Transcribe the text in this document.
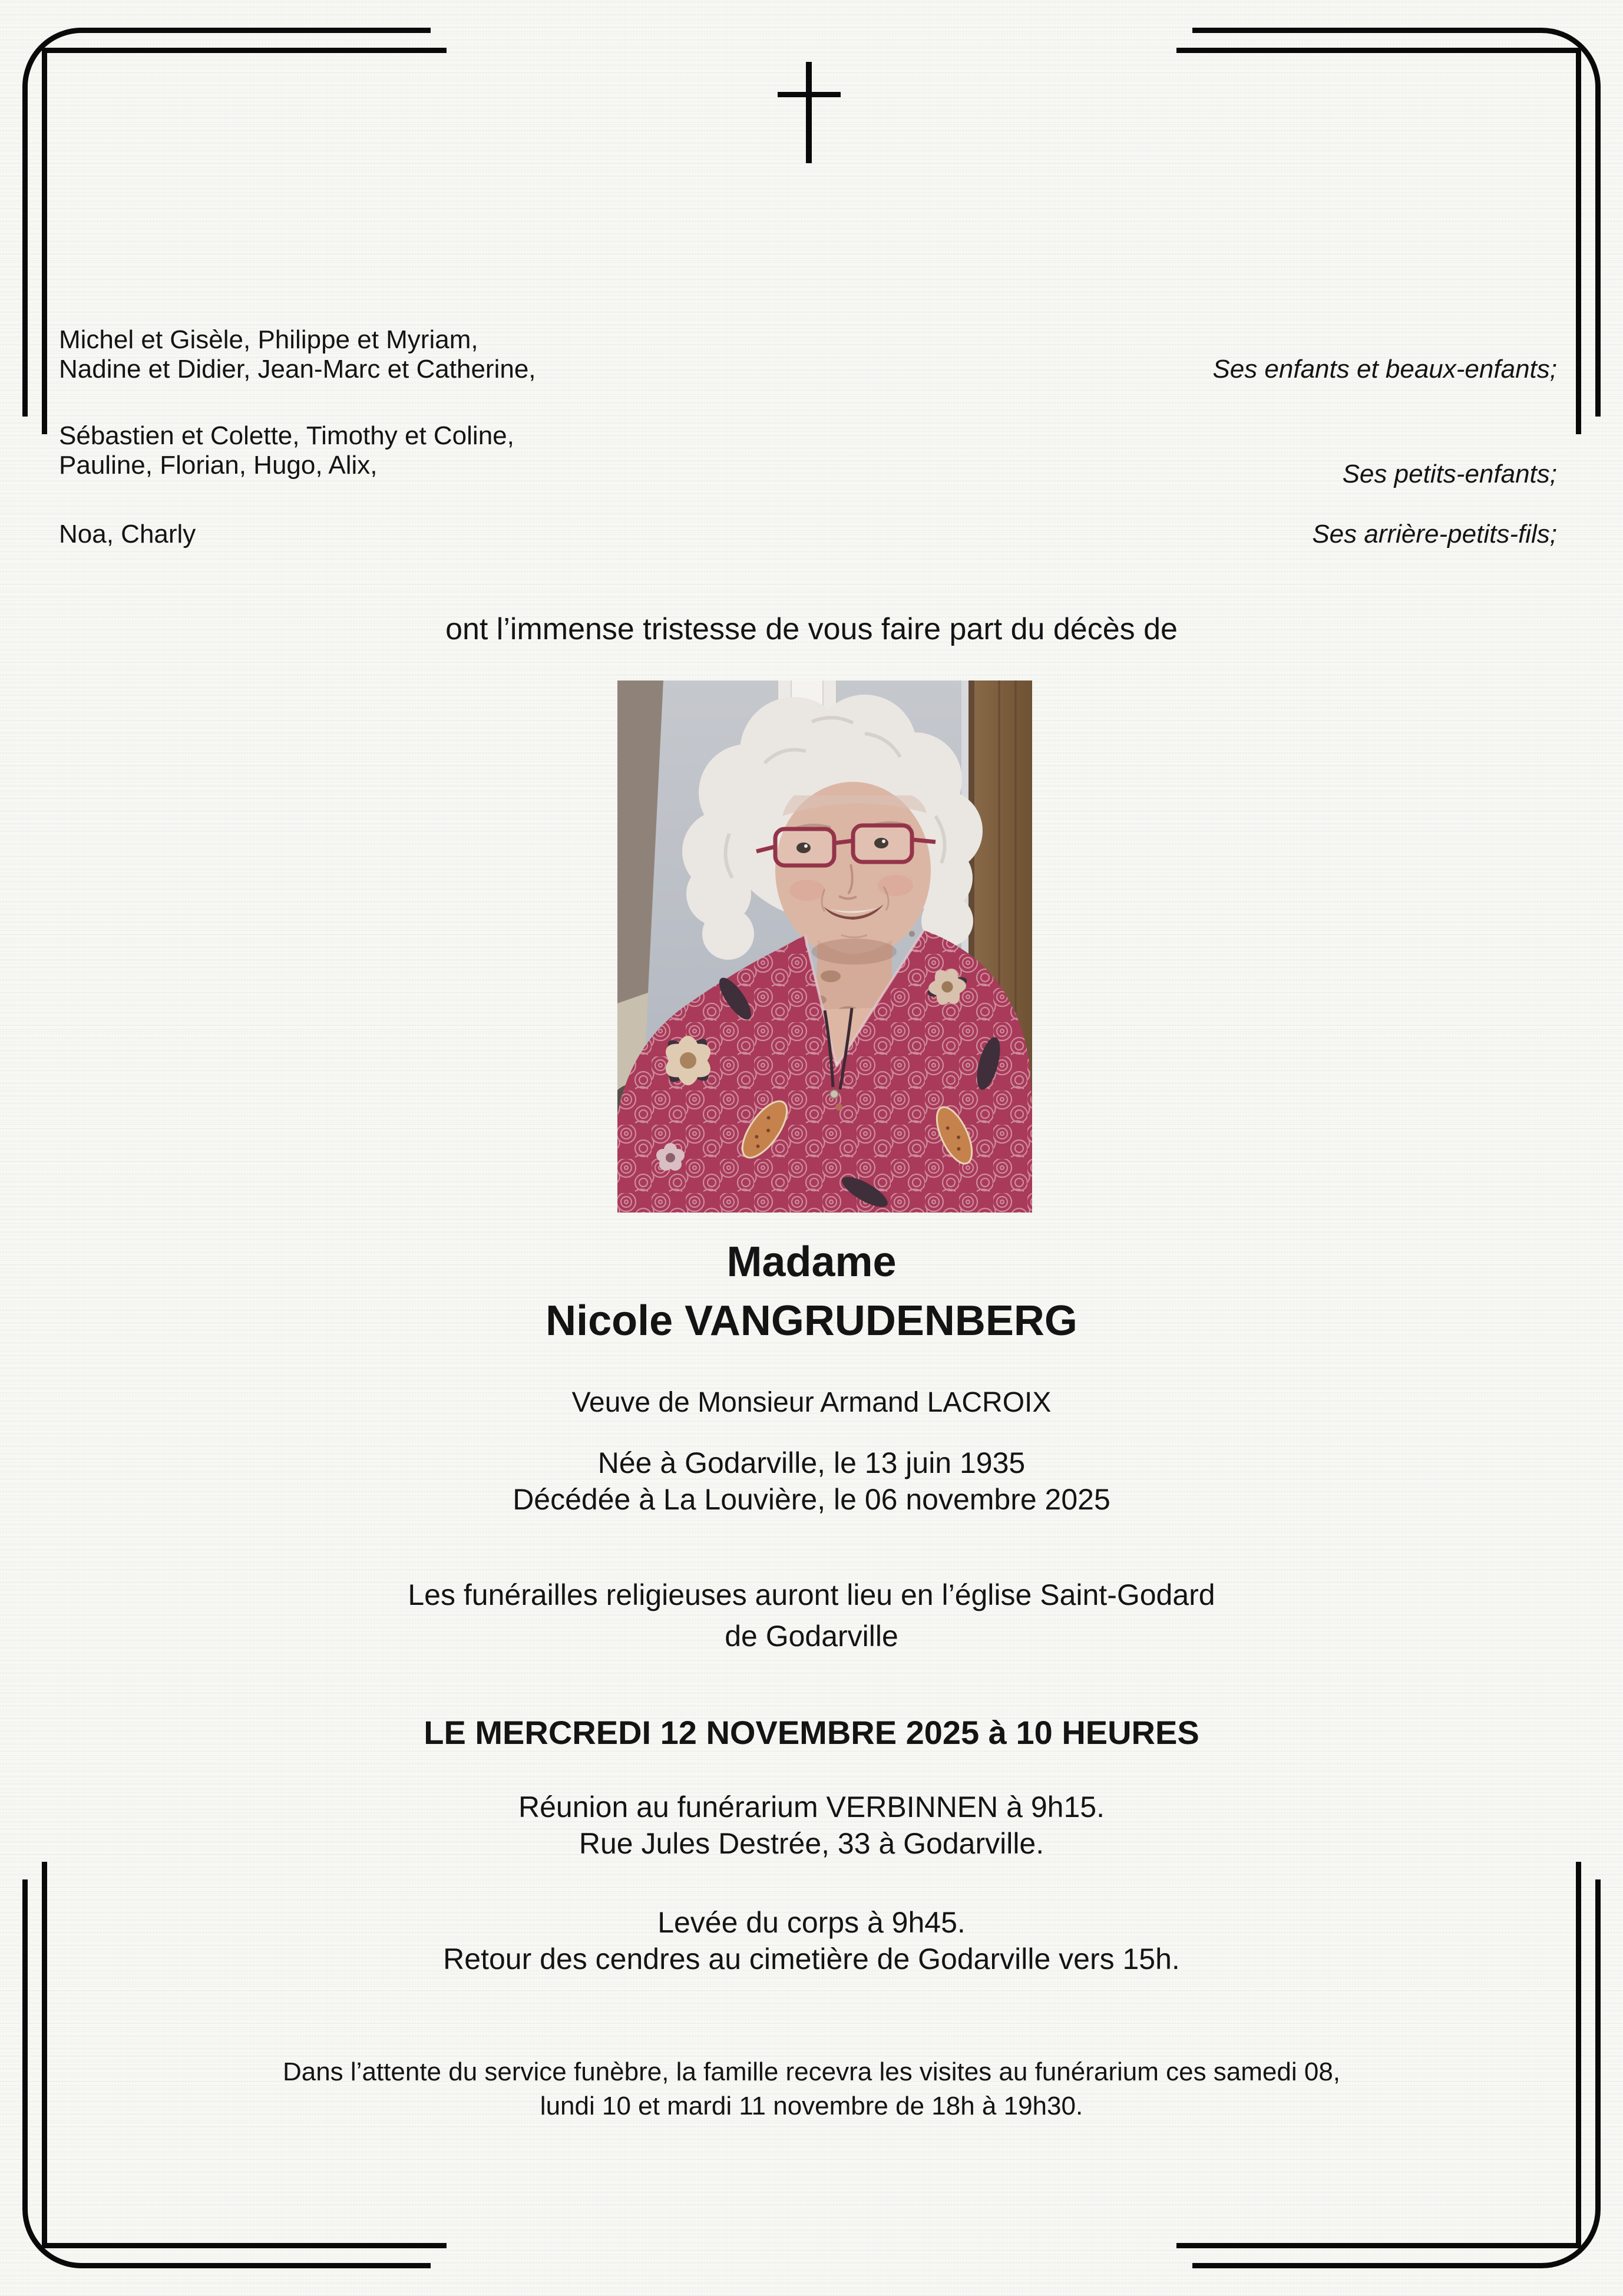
Michel et Gisèle, Philippe et Myriam,
Nadine et Didier, Jean-Marc et Catherine,	Ses enfants et beaux-enfants;
Sébastien et Colette, Timothy et Coline,
Pauline, Florian, Hugo, Alix,	Ses petits-enfants;
Noa, Charly	Ses arrière-petits-fils;
ont l’immense tristesse de vous faire part du décès de
Madame
Nicole VANGRUDENBERG
Veuve de Monsieur Armand LACROIX
Née à Godarville, le 13 juin 1935
Décédée à La Louvière, le 06 novembre 2025
Les funérailles religieuses auront lieu en l’église Saint-Godard
de Godarville
LE MERCREDI 12 NOVEMBRE 2025 à 10 HEURES
Réunion au funérarium VERBINNEN à 9h15.
Rue Jules Destrée, 33 à Godarville.
Levée du corps à 9h45.
Retour des cendres au cimetière de Godarville vers 15h.
Dans l’attente du service funèbre, la famille recevra les visites au funérarium ces samedi 08,
lundi 10 et mardi 11 novembre de 18h à 19h30.
